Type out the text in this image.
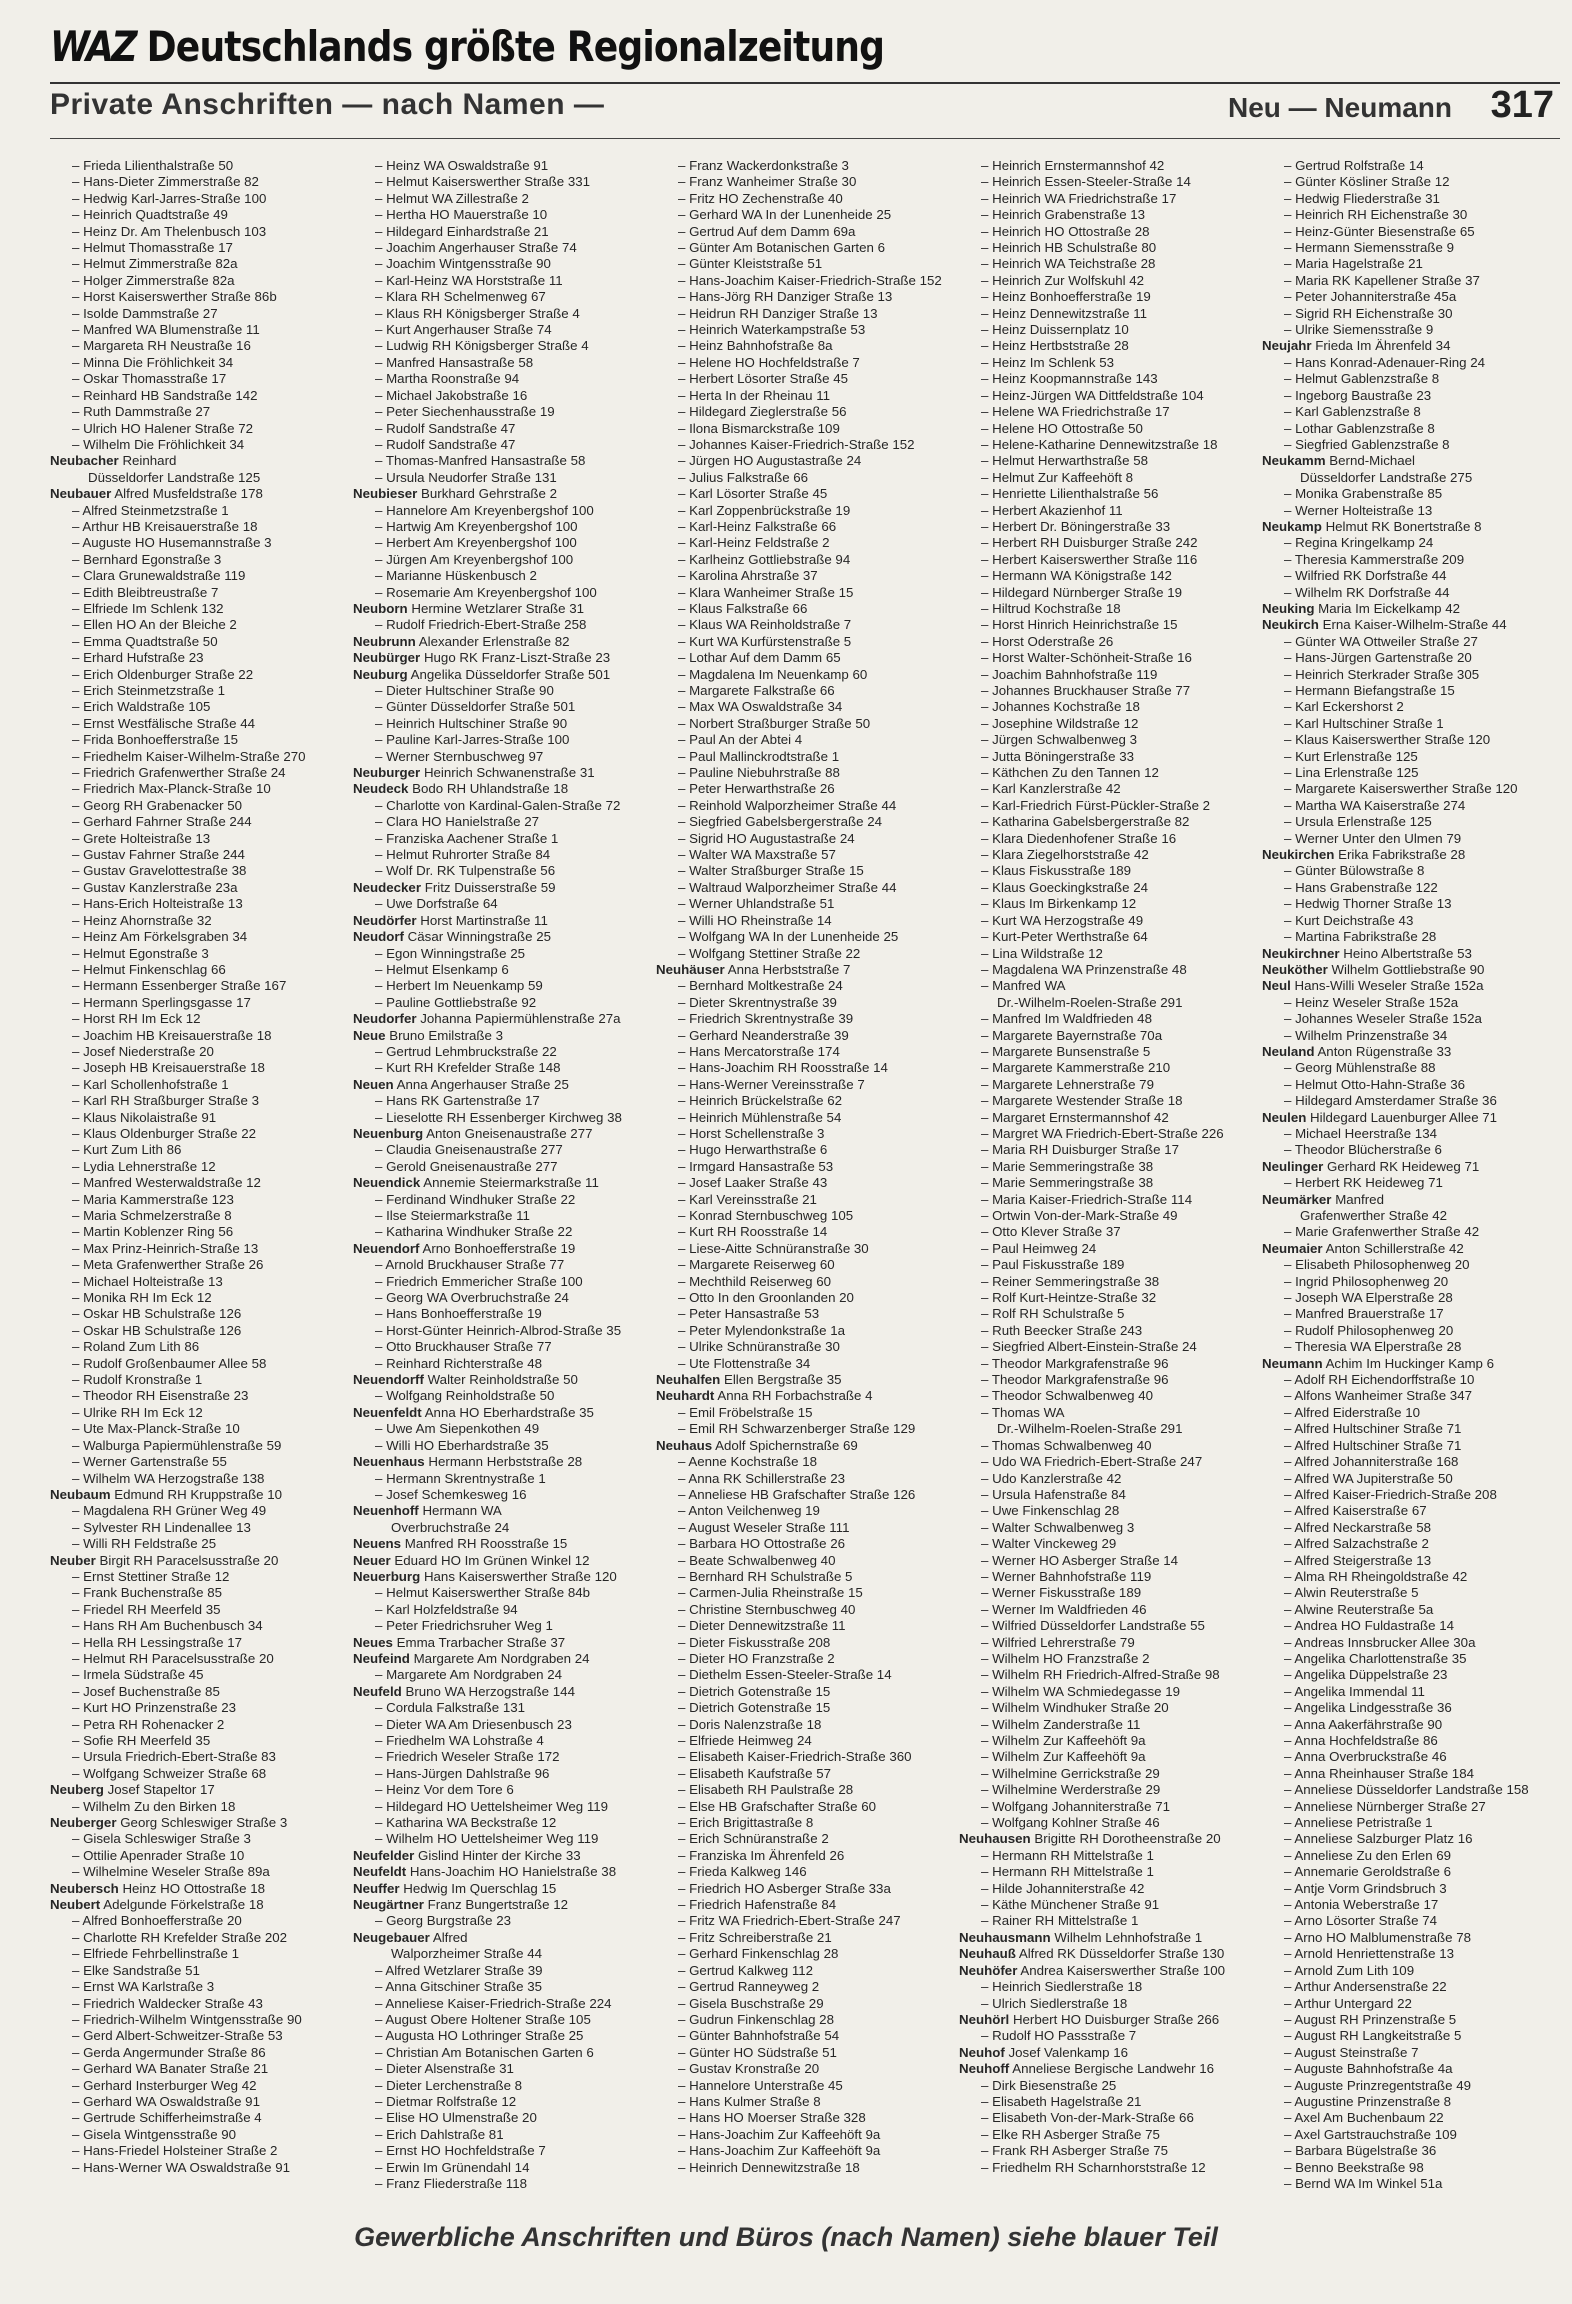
WAZ Deutschlands größte Regionalzeitung
Private Anschriften — nach Namen —	Neu — Neumann 317
– Frieda Lilienthalstraße 50
– Hans-Dieter Zimmerstraße 82
– Hedwig Karl-Jarres-Straße 100
– Heinrich Quadtstraße 49
– Heinz Dr. Am Thelenbusch 103
– Helmut Thomasstraße 17
– Helmut Zimmerstraße 82a
– Holger Zimmerstraße 82a
– Horst Kaiserswerther Straße 86b
– Isolde Dammstraße 27
– Manfred WA Blumenstraße 11
– Margareta RH Neustraße 16
– Minna Die Fröhlichkeit 34
– Oskar Thomasstraße 17
– Reinhard HB Sandstraße 142
– Ruth Dammstraße 27
– Ulrich HO Halener Straße 72
– Wilhelm Die Fröhlichkeit 34
Neubacher Reinhard
Düsseldorfer Landstraße 125
Neubauer Alfred Musfeldstraße 178
– Alfred Steinmetzstraße 1
– Arthur HB Kreisauerstraße 18
– Auguste HO Husemannstraße 3
– Bernhard Egonstraße 3
– Clara Grunewaldstraße 119
– Edith Bleibtreustraße 7
– Elfriede Im Schlenk 132
– Ellen HO An der Bleiche 2
– Emma Quadtstraße 50
– Erhard Hufstraße 23
– Erich Oldenburger Straße 22
– Erich Steinmetzstraße 1
– Erich Waldstraße 105
– Ernst Westfälische Straße 44
– Frida Bonhoefferstraße 15
– Friedhelm Kaiser-Wilhelm-Straße 270
– Friedrich Grafenwerther Straße 24
– Friedrich Max-Planck-Straße 10
– Georg RH Grabenacker 50
– Gerhard Fahrner Straße 244
– Grete Holteistraße 13
– Gustav Fahrner Straße 244
– Gustav Gravelottestraße 38
– Gustav Kanzlerstraße 23a
– Hans-Erich Holteistraße 13
– Heinz Ahornstraße 32
– Heinz Am Förkelsgraben 34
– Helmut Egonstraße 3
– Helmut Finkenschlag 66
– Hermann Essenberger Straße 167
– Hermann Sperlingsgasse 17
– Horst RH Im Eck 12
– Joachim HB Kreisauerstraße 18
– Josef Niederstraße 20
– Joseph HB Kreisauerstraße 18
– Karl Schollenhofstraße 1
– Karl RH Straßburger Straße 3
– Klaus Nikolaistraße 91
– Klaus Oldenburger Straße 22
– Kurt Zum Lith 86
– Lydia Lehnerstraße 12
– Manfred Westerwaldstraße 12
– Maria Kammerstraße 123
– Maria Schmelzerstraße 8
– Martin Koblenzer Ring 56
– Max Prinz-Heinrich-Straße 13
– Meta Grafenwerther Straße 26
– Michael Holteistraße 13
– Monika RH Im Eck 12
– Oskar HB Schulstraße 126
– Oskar HB Schulstraße 126
– Roland Zum Lith 86
– Rudolf Großenbaumer Allee 58
– Rudolf Kronstraße 1
– Theodor RH Eisenstraße 23
– Ulrike RH Im Eck 12
– Ute Max-Planck-Straße 10
– Walburga Papiermühlenstraße 59
– Werner Gartenstraße 55
– Wilhelm WA Herzogstraße 138
Neubaum Edmund RH Kruppstraße 10
– Magdalena RH Grüner Weg 49
– Sylvester RH Lindenallee 13
– Willi RH Feldstraße 25
Neuber Birgit RH Paracelsusstraße 20
– Ernst Stettiner Straße 12
– Frank Buchenstraße 85
– Friedel RH Meerfeld 35
– Hans RH Am Buchenbusch 34
– Hella RH Lessingstraße 17
– Helmut RH Paracelsusstraße 20
– Irmela Südstraße 45
– Josef Buchenstraße 85
– Kurt HO Prinzenstraße 23
– Petra RH Rohenacker 2
– Sofie RH Meerfeld 35
– Ursula Friedrich-Ebert-Straße 83
– Wolfgang Schweizer Straße 68
Neuberg Josef Stapeltor 17
– Wilhelm Zu den Birken 18
Neuberger Georg Schleswiger Straße 3
– Gisela Schleswiger Straße 3
– Ottilie Apenrader Straße 10
– Wilhelmine Weseler Straße 89a
Neubersch Heinz HO Ottostraße 18
Neubert Adelgunde Förkelstraße 18
– Alfred Bonhoefferstraße 20
– Charlotte RH Krefelder Straße 202
– Elfriede Fehrbellinstraße 1
– Elke Sandstraße 51
– Ernst WA Karlstraße 3
– Friedrich Waldecker Straße 43
– Friedrich-Wilhelm Wintgensstraße 90
– Gerd Albert-Schweitzer-Straße 53
– Gerda Angermunder Straße 86
– Gerhard WA Banater Straße 21
– Gerhard Insterburger Weg 42
– Gerhard WA Oswaldstraße 91
– Gertrude Schifferheimstraße 4
– Gisela Wintgensstraße 90
– Hans-Friedel Holsteiner Straße 2
– Hans-Werner WA Oswaldstraße 91
– Heinz WA Oswaldstraße 91
– Helmut Kaiserswerther Straße 331
– Helmut WA Zillestraße 2
– Hertha HO Mauerstraße 10
– Hildegard Einhardstraße 21
– Joachim Angerhauser Straße 74
– Joachim Wintgensstraße 90
– Karl-Heinz WA Horststraße 11
– Klara RH Schelmenweg 67
– Klaus RH Königsberger Straße 4
– Kurt Angerhauser Straße 74
– Ludwig RH Königsberger Straße 4
– Manfred Hansastraße 58
– Martha Roonstraße 94
– Michael Jakobstraße 16
– Peter Siechenhausstraße 19
– Rudolf Sandstraße 47
– Rudolf Sandstraße 47
– Thomas-Manfred Hansastraße 58
– Ursula Neudorfer Straße 131
Neubieser Burkhard Gehrstraße 2
– Hannelore Am Kreyenbergshof 100
– Hartwig Am Kreyenbergshof 100
– Herbert Am Kreyenbergshof 100
– Jürgen Am Kreyenbergshof 100
– Marianne Hüskenbusch 2
– Rosemarie Am Kreyenbergshof 100
Neuborn Hermine Wetzlarer Straße 31
– Rudolf Friedrich-Ebert-Straße 258
Neubrunn Alexander Erlenstraße 82
Neubürger Hugo RK Franz-Liszt-Straße 23
Neuburg Angelika Düsseldorfer Straße 501
– Dieter Hultschiner Straße 90
– Günter Düsseldorfer Straße 501
– Heinrich Hultschiner Straße 90
– Pauline Karl-Jarres-Straße 100
– Werner Sternbuschweg 97
Neuburger Heinrich Schwanenstraße 31
Neudeck Bodo RH Uhlandstraße 18
– Charlotte von Kardinal-Galen-Straße 72
– Clara HO Hanielstraße 27
– Franziska Aachener Straße 1
– Helmut Ruhrorter Straße 84
– Wolf Dr. RK Tulpenstraße 56
Neudecker Fritz Duisserstraße 59
– Uwe Dorfstraße 64
Neudörfer Horst Martinstraße 11
Neudorf Cäsar Winningstraße 25
– Egon Winningstraße 25
– Helmut Elsenkamp 6
– Herbert Im Neuenkamp 59
– Pauline Gottliebstraße 92
Neudorfer Johanna Papiermühlenstraße 27a
Neue Bruno Emilstraße 3
– Gertrud Lehmbruckstraße 22
– Kurt RH Krefelder Straße 148
Neuen Anna Angerhauser Straße 25
– Hans RK Gartenstraße 17
– Lieselotte RH Essenberger Kirchweg 38
Neuenburg Anton Gneisenaustraße 277
– Claudia Gneisenaustraße 277
– Gerold Gneisenaustraße 277
Neuendick Annemie Steiermarkstraße 11
– Ferdinand Windhuker Straße 22
– Ilse Steiermarkstraße 11
– Katharina Windhuker Straße 22
Neuendorf Arno Bonhoefferstraße 19
– Arnold Bruckhauser Straße 77
– Friedrich Emmericher Straße 100
– Georg WA Overbruchstraße 24
– Hans Bonhoefferstraße 19
– Horst-Günter Heinrich-Albrod-Straße 35
– Otto Bruckhauser Straße 77
– Reinhard Richterstraße 48
Neuendorff Walter Reinholdstraße 50
– Wolfgang Reinholdstraße 50
Neuenfeldt Anna HO Eberhardstraße 35
– Uwe Am Siepenkothen 49
– Willi HO Eberhardstraße 35
Neuenhaus Hermann Herbststraße 28
– Hermann Skrentnystraße 1
– Josef Schemkesweg 16
Neuenhoff Hermann WA
Overbruchstraße 24
Neuens Manfred RH Roosstraße 15
Neuer Eduard HO Im Grünen Winkel 12
Neuerburg Hans Kaiserswerther Straße 120
– Helmut Kaiserswerther Straße 84b
– Karl Holzfeldstraße 94
– Peter Friedrichsruher Weg 1
Neues Emma Trarbacher Straße 37
Neufeind Margarete Am Nordgraben 24
– Margarete Am Nordgraben 24
Neufeld Bruno WA Herzogstraße 144
– Cordula Falkstraße 131
– Dieter WA Am Driesenbusch 23
– Friedhelm WA Lohstraße 4
– Friedrich Weseler Straße 172
– Hans-Jürgen Dahlstraße 96
– Heinz Vor dem Tore 6
– Hildegard HO Uettelsheimer Weg 119
– Katharina WA Beckstraße 12
– Wilhelm HO Uettelsheimer Weg 119
Neufelder Gislind Hinter der Kirche 33
Neufeldt Hans-Joachim HO Hanielstraße 38
Neuffer Hedwig Im Querschlag 15
Neugärtner Franz Bungertstraße 12
– Georg Burgstraße 23
Neugebauer Alfred
Walporzheimer Straße 44
– Alfred Wetzlarer Straße 39
– Anna Gitschiner Straße 35
– Anneliese Kaiser-Friedrich-Straße 224
– August Obere Holtener Straße 105
– Augusta HO Lothringer Straße 25
– Christian Am Botanischen Garten 6
– Dieter Alsenstraße 31
– Dieter Lerchenstraße 8
– Dietmar Rolfstraße 12
– Elise HO Ulmenstraße 20
– Erich Dahlstraße 81
– Ernst HO Hochfeldstraße 7
– Erwin Im Grünendahl 14
– Franz Fliederstraße 118
– Franz Wackerdonkstraße 3
– Franz Wanheimer Straße 30
– Fritz HO Zechenstraße 40
– Gerhard WA In der Lunenheide 25
– Gertrud Auf dem Damm 69a
– Günter Am Botanischen Garten 6
– Günter Kleiststraße 51
– Hans-Joachim Kaiser-Friedrich-Straße 152
– Hans-Jörg RH Danziger Straße 13
– Heidrun RH Danziger Straße 13
– Heinrich Waterkampstraße 53
– Heinz Bahnhofstraße 8a
– Helene HO Hochfeldstraße 7
– Herbert Lösorter Straße 45
– Herta In der Rheinau 11
– Hildegard Zieglerstraße 56
– Ilona Bismarckstraße 109
– Johannes Kaiser-Friedrich-Straße 152
– Jürgen HO Augustastraße 24
– Julius Falkstraße 66
– Karl Lösorter Straße 45
– Karl Zoppenbrückstraße 19
– Karl-Heinz Falkstraße 66
– Karl-Heinz Feldstraße 2
– Karlheinz Gottliebstraße 94
– Karolina Ahrstraße 37
– Klara Wanheimer Straße 15
– Klaus Falkstraße 66
– Klaus WA Reinholdstraße 7
– Kurt WA Kurfürstenstraße 5
– Lothar Auf dem Damm 65
– Magdalena Im Neuenkamp 60
– Margarete Falkstraße 66
– Max WA Oswaldstraße 34
– Norbert Straßburger Straße 50
– Paul An der Abtei 4
– Paul Mallinckrodtstraße 1
– Pauline Niebuhrstraße 88
– Peter Herwarthstraße 26
– Reinhold Walporzheimer Straße 44
– Siegfried Gabelsbergerstraße 24
– Sigrid HO Augustastraße 24
– Walter WA Maxstraße 57
– Walter Straßburger Straße 15
– Waltraud Walporzheimer Straße 44
– Werner Uhlandstraße 51
– Willi HO Rheinstraße 14
– Wolfgang WA In der Lunenheide 25
– Wolfgang Stettiner Straße 22
Neuhäuser Anna Herbststraße 7
– Bernhard Moltkestraße 24
– Dieter Skrentnystraße 39
– Friedrich Skrentnystraße 39
– Gerhard Neanderstraße 39
– Hans Mercatorstraße 174
– Hans-Joachim RH Roosstraße 14
– Hans-Werner Vereinsstraße 7
– Heinrich Brückelstraße 62
– Heinrich Mühlenstraße 54
– Horst Schellenstraße 3
– Hugo Herwarthstraße 6
– Irmgard Hansastraße 53
– Josef Laaker Straße 43
– Karl Vereinsstraße 21
– Konrad Sternbuschweg 105
– Kurt RH Roosstraße 14
– Liese-Aitte Schnüranstraße 30
– Margarete Reiserweg 60
– Mechthild Reiserweg 60
– Otto In den Groonlanden 20
– Peter Hansastraße 53
– Peter Mylendonkstraße 1a
– Ulrike Schnüranstraße 30
– Ute Flottenstraße 34
Neuhalfen Ellen Bergstraße 35
Neuhardt Anna RH Forbachstraße 4
– Emil Fröbelstraße 15
– Emil RH Schwarzenberger Straße 129
Neuhaus Adolf Spichernstraße 69
– Aenne Kochstraße 18
– Anna RK Schillerstraße 23
– Anneliese HB Grafschafter Straße 126
– Anton Veilchenweg 19
– August Weseler Straße 111
– Barbara HO Ottostraße 26
– Beate Schwalbenweg 40
– Bernhard RH Schulstraße 5
– Carmen-Julia Rheinstraße 15
– Christine Sternbuschweg 40
– Dieter Dennewitzstraße 11
– Dieter Fiskusstraße 208
– Dieter HO Franzstraße 2
– Diethelm Essen-Steeler-Straße 14
– Dietrich Gotenstraße 15
– Dietrich Gotenstraße 15
– Doris Nalenzstraße 18
– Elfriede Heimweg 24
– Elisabeth Kaiser-Friedrich-Straße 360
– Elisabeth Kaufstraße 57
– Elisabeth RH Paulstraße 28
– Else HB Grafschafter Straße 60
– Erich Brigittastraße 8
– Erich Schnüranstraße 2
– Franziska Im Ährenfeld 26
– Frieda Kalkweg 146
– Friedrich HO Asberger Straße 33a
– Friedrich Hafenstraße 84
– Fritz WA Friedrich-Ebert-Straße 247
– Fritz Schreiberstraße 21
– Gerhard Finkenschlag 28
– Gertrud Kalkweg 112
– Gertrud Ranneyweg 2
– Gisela Buschstraße 29
– Gudrun Finkenschlag 28
– Günter Bahnhofstraße 54
– Günter HO Südstraße 51
– Gustav Kronstraße 20
– Hannelore Unterstraße 45
– Hans Kulmer Straße 8
– Hans HO Moerser Straße 328
– Hans-Joachim Zur Kaffeehöft 9a
– Hans-Joachim Zur Kaffeehöft 9a
– Heinrich Dennewitzstraße 18
– Heinrich Ernstermannshof 42
– Heinrich Essen-Steeler-Straße 14
– Heinrich WA Friedrichstraße 17
– Heinrich Grabenstraße 13
– Heinrich HO Ottostraße 28
– Heinrich HB Schulstraße 80
– Heinrich WA Teichstraße 28
– Heinrich Zur Wolfskuhl 42
– Heinz Bonhoefferstraße 19
– Heinz Dennewitzstraße 11
– Heinz Duissernplatz 10
– Heinz Hertbststraße 28
– Heinz Im Schlenk 53
– Heinz Koopmannstraße 143
– Heinz-Jürgen WA Dittfeldstraße 104
– Helene WA Friedrichstraße 17
– Helene HO Ottostraße 50
– Helene-Katharine Dennewitzstraße 18
– Helmut Herwarthstraße 58
– Helmut Zur Kaffeehöft 8
– Henriette Lilienthalstraße 56
– Herbert Akazienhof 11
– Herbert Dr. Böningerstraße 33
– Herbert RH Duisburger Straße 242
– Herbert Kaiserswerther Straße 116
– Hermann WA Königstraße 142
– Hildegard Nürnberger Straße 19
– Hiltrud Kochstraße 18
– Horst Hinrich Heinrichstraße 15
– Horst Oderstraße 26
– Horst Walter-Schönheit-Straße 16
– Joachim Bahnhofstraße 119
– Johannes Bruckhauser Straße 77
– Johannes Kochstraße 18
– Josephine Wildstraße 12
– Jürgen Schwalbenweg 3
– Jutta Böningerstraße 33
– Käthchen Zu den Tannen 12
– Karl Kanzlerstraße 42
– Karl-Friedrich Fürst-Pückler-Straße 2
– Katharina Gabelsbergerstraße 82
– Klara Diedenhofener Straße 16
– Klara Ziegelhorststraße 42
– Klaus Fiskusstraße 189
– Klaus Goeckingkstraße 24
– Klaus Im Birkenkamp 12
– Kurt WA Herzogstraße 49
– Kurt-Peter Werthstraße 64
– Lina Wildstraße 12
– Magdalena WA Prinzenstraße 48
– Manfred WA
Dr.-Wilhelm-Roelen-Straße 291
– Manfred Im Waldfrieden 48
– Margarete Bayernstraße 70a
– Margarete Bunsenstraße 5
– Margarete Kammerstraße 210
– Margarete Lehnerstraße 79
– Margarete Westender Straße 18
– Margaret Ernstermannshof 42
– Margret WA Friedrich-Ebert-Straße 226
– Maria RH Duisburger Straße 17
– Marie Semmeringstraße 38
– Marie Semmeringstraße 38
– Maria Kaiser-Friedrich-Straße 114
– Ortwin Von-der-Mark-Straße 49
– Otto Klever Straße 37
– Paul Heimweg 24
– Paul Fiskusstraße 189
– Reiner Semmeringstraße 38
– Rolf Kurt-Heintze-Straße 32
– Rolf RH Schulstraße 5
– Ruth Beecker Straße 243
– Siegfried Albert-Einstein-Straße 24
– Theodor Markgrafenstraße 96
– Theodor Markgrafenstraße 96
– Theodor Schwalbenweg 40
– Thomas WA
Dr.-Wilhelm-Roelen-Straße 291
– Thomas Schwalbenweg 40
– Udo WA Friedrich-Ebert-Straße 247
– Udo Kanzlerstraße 42
– Ursula Hafenstraße 84
– Uwe Finkenschlag 28
– Walter Schwalbenweg 3
– Walter Vinckeweg 29
– Werner HO Asberger Straße 14
– Werner Bahnhofstraße 119
– Werner Fiskusstraße 189
– Werner Im Waldfrieden 46
– Wilfried Düsseldorfer Landstraße 55
– Wilfried Lehrerstraße 79
– Wilhelm HO Franzstraße 2
– Wilhelm RH Friedrich-Alfred-Straße 98
– Wilhelm WA Schmiedegasse 19
– Wilhelm Windhuker Straße 20
– Wilhelm Zanderstraße 11
– Wilhelm Zur Kaffeehöft 9a
– Wilhelm Zur Kaffeehöft 9a
– Wilhelmine Gerrickstraße 29
– Wilhelmine Werderstraße 29
– Wolfgang Johanniterstraße 71
– Wolfgang Kohlner Straße 46
Neuhausen Brigitte RH Dorotheenstraße 20
– Hermann RH Mittelstraße 1
– Hermann RH Mittelstraße 1
– Hilde Johanniterstraße 42
– Käthe Münchener Straße 91
– Rainer RH Mittelstraße 1
Neuhausmann Wilhelm Lehnhofstraße 1
Neuhauß Alfred RK Düsseldorfer Straße 130
Neuhöfer Andrea Kaiserswerther Straße 100
– Heinrich Siedlerstraße 18
– Ulrich Siedlerstraße 18
Neuhörl Herbert HO Duisburger Straße 266
– Rudolf HO Passstraße 7
Neuhof Josef Valenkamp 16
Neuhoff Anneliese Bergische Landwehr 16
– Dirk Biesenstraße 25
– Elisabeth Hagelstraße 21
– Elisabeth Von-der-Mark-Straße 66
– Elke RH Asberger Straße 75
– Frank RH Asberger Straße 75
– Friedhelm RH Scharnhorststraße 12
– Gertrud Rolfstraße 14
– Günter Kösliner Straße 12
– Hedwig Fliederstraße 31
– Heinrich RH Eichenstraße 30
– Heinz-Günter Biesenstraße 65
– Hermann Siemensstraße 9
– Maria Hagelstraße 21
– Maria RK Kapellener Straße 37
– Peter Johanniterstraße 45a
– Sigrid RH Eichenstraße 30
– Ulrike Siemensstraße 9
Neujahr Frieda Im Ährenfeld 34
– Hans Konrad-Adenauer-Ring 24
– Helmut Gablenzstraße 8
– Ingeborg Baustraße 23
– Karl Gablenzstraße 8
– Lothar Gablenzstraße 8
– Siegfried Gablenzstraße 8
Neukamm Bernd-Michael
Düsseldorfer Landstraße 275
– Monika Grabenstraße 85
– Werner Holteistraße 13
Neukamp Helmut RK Bonertstraße 8
– Regina Kringelkamp 24
– Theresia Kammerstraße 209
– Wilfried RK Dorfstraße 44
– Wilhelm RK Dorfstraße 44
Neuking Maria Im Eickelkamp 42
Neukirch Erna Kaiser-Wilhelm-Straße 44
– Günter WA Ottweiler Straße 27
– Hans-Jürgen Gartenstraße 20
– Heinrich Sterkrader Straße 305
– Hermann Biefangstraße 15
– Karl Eckershorst 2
– Karl Hultschiner Straße 1
– Klaus Kaiserswerther Straße 120
– Kurt Erlenstraße 125
– Lina Erlenstraße 125
– Margarete Kaiserswerther Straße 120
– Martha WA Kaiserstraße 274
– Ursula Erlenstraße 125
– Werner Unter den Ulmen 79
Neukirchen Erika Fabrikstraße 28
– Günter Bülowstraße 8
– Hans Grabenstraße 122
– Hedwig Thorner Straße 13
– Kurt Deichstraße 43
– Martina Fabrikstraße 28
Neukirchner Heino Albertstraße 53
Neuköther Wilhelm Gottliebstraße 90
Neul Hans-Willi Weseler Straße 152a
– Heinz Weseler Straße 152a
– Johannes Weseler Straße 152a
– Wilhelm Prinzenstraße 34
Neuland Anton Rügenstraße 33
– Georg Mühlenstraße 88
– Helmut Otto-Hahn-Straße 36
– Hildegard Amsterdamer Straße 36
Neulen Hildegard Lauenburger Allee 71
– Michael Heerstraße 134
– Theodor Blücherstraße 6
Neulinger Gerhard RK Heideweg 71
– Herbert RK Heideweg 71
Neumärker Manfred
Grafenwerther Straße 42
– Marie Grafenwerther Straße 42
Neumaier Anton Schillerstraße 42
– Elisabeth Philosophenweg 20
– Ingrid Philosophenweg 20
– Joseph WA Elperstraße 28
– Manfred Brauerstraße 17
– Rudolf Philosophenweg 20
– Theresia WA Elperstraße 28
Neumann Achim Im Huckinger Kamp 6
– Adolf RH Eichendorffstraße 10
– Alfons Wanheimer Straße 347
– Alfred Eiderstraße 10
– Alfred Hultschiner Straße 71
– Alfred Hultschiner Straße 71
– Alfred Johanniterstraße 168
– Alfred WA Jupiterstraße 50
– Alfred Kaiser-Friedrich-Straße 208
– Alfred Kaiserstraße 67
– Alfred Neckarstraße 58
– Alfred Salzachstraße 2
– Alfred Steigerstraße 13
– Alma RH Rheingoldstraße 42
– Alwin Reuterstraße 5
– Alwine Reuterstraße 5a
– Andrea HO Fuldastraße 14
– Andreas Innsbrucker Allee 30a
– Angelika Charlottenstraße 35
– Angelika Düppelstraße 23
– Angelika Immendal 11
– Angelika Lindgesstraße 36
– Anna Aakerfährstraße 90
– Anna Hochfeldstraße 86
– Anna Overbruckstraße 46
– Anna Rheinhauser Straße 184
– Anneliese Düsseldorfer Landstraße 158
– Anneliese Nürnberger Straße 27
– Anneliese Petristraße 1
– Anneliese Salzburger Platz 16
– Anneliese Zu den Erlen 69
– Annemarie Geroldstraße 6
– Antje Vorm Grindsbruch 3
– Antonia Weberstraße 17
– Arno Lösorter Straße 74
– Arno HO Malblumenstraße 78
– Arnold Henriettenstraße 13
– Arnold Zum Lith 109
– Arthur Andersenstraße 22
– Arthur Untergard 22
– August RH Prinzenstraße 5
– August RH Langkeitstraße 5
– August Steinstraße 7
– Auguste Bahnhofstraße 4a
– Auguste Prinzregentstraße 49
– Augustine Prinzenstraße 8
– Axel Am Buchenbaum 22
– Axel Gartstrauchstraße 109
– Barbara Bügelstraße 36
– Benno Beekstraße 98
– Bernd WA Im Winkel 51a
Gewerbliche Anschriften und Büros (nach Namen) siehe blauer Teil
